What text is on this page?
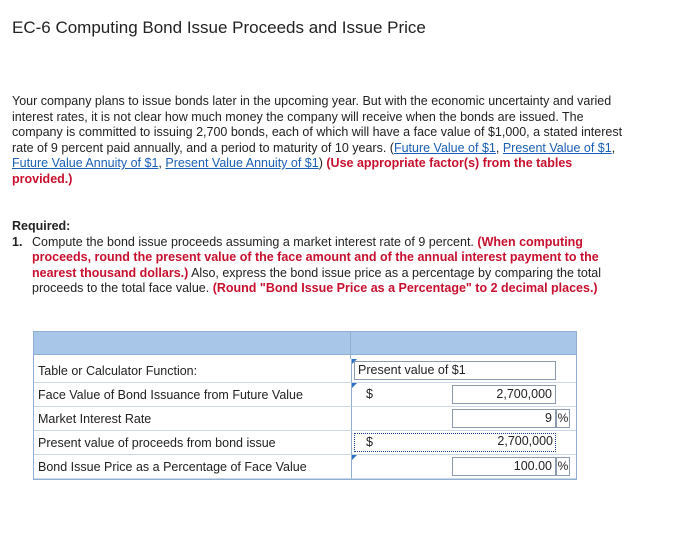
EC-6 Computing Bond Issue Proceeds and Issue Price
Your company plans to issue bonds later in the upcoming year. But with the economic uncertainty and varied interest rates, it is not clear how much money the company will receive when the bonds are issued. The company is committed to issuing 2,700 bonds, each of which will have a face value of $1,000, a stated interest rate of 9 percent paid annually, and a period to maturity of 10 years. (Future Value of $1, Present Value of $1, Future Value Annuity of $1, Present Value Annuity of $1) (Use appropriate factor(s) from the tables provided.)
Required:
1. Compute the bond issue proceeds assuming a market interest rate of 9 percent. (When computing proceeds, round the present value of the face amount and of the annual interest payment to the nearest thousand dollars.) Also, express the bond issue price as a percentage by comparing the total proceeds to the total face value. (Round "Bond Issue Price as a Percentage" to 2 decimal places.)
Table or Calculator Function:	Present value of $1
Face Value of Bond Issuance from Future Value	$	2,700,000
Market Interest Rate	9 %
Present value of proceeds from bond issue	$	2,700,000
Bond Issue Price as a Percentage of Face Value	100.00 %
